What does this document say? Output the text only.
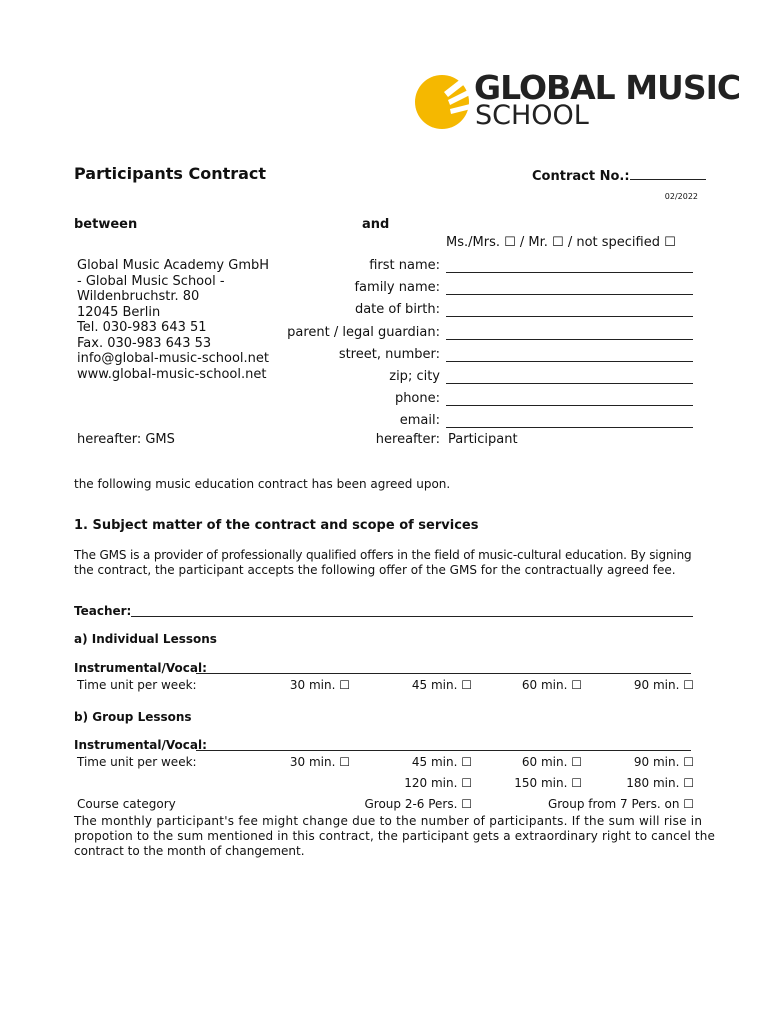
GLOBAL MUSIC
SCHOOL
Participants Contract	Contract No.:
02/2022
between	and
Ms./Mrs. ☐ / Mr. ☐ / not specified ☐
Global Music Academy GmbH
- Global Music School -
Wildenbruchstr. 80
12045 Berlin
Tel. 030-983 643 51
Fax. 030-983 643 53
info@global-music-school.net
www.global-music-school.net
first name:
family name:
date of birth:
parent / legal guardian:
street, number:
zip; city
phone:
email:
hereafter: GMS	hereafter: Participant
the following music education contract has been agreed upon.
1. Subject matter of the contract and scope of services
The GMS is a provider of professionally qualified offers in the field of music-cultural education. By signing
the contract, the participant accepts the following offer of the GMS for the contractually agreed fee.
Teacher:
a) Individual Lessons
Instrumental/Vocal:
Time unit per week:	30 min. ☐	45 min. ☐	60 min. ☐	90 min. ☐
b) Group Lessons
Instrumental/Vocal:
Time unit per week:	30 min. ☐	45 min. ☐	60 min. ☐	90 min. ☐
120 min. ☐	150 min. ☐	180 min. ☐
Course category	Group 2-6 Pers. ☐	Group from 7 Pers. on ☐
The monthly participant's fee might change due to the number of participants. If the sum will rise in
propotion to the sum mentioned in this contract, the participant gets a extraordinary right to cancel the
contract to the month of changement.
